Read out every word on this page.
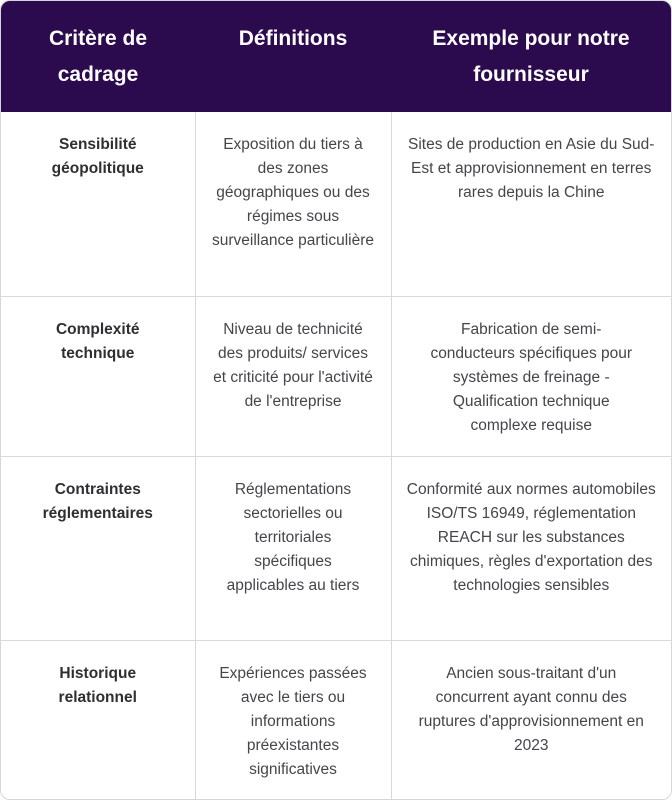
Critère de cadrage	Définitions	Exemple pour notre fournisseur
Sensibilité géopolitique	Exposition du tiers à des zones géographiques ou des régimes sous surveillance particulière	Sites de production en Asie du Sud-Est et approvisionnement en terres rares depuis la Chine
Complexité technique	Niveau de technicité des produits/ services et criticité pour l'activité de l'entreprise	Fabrication de semi-conducteurs spécifiques pour systèmes de freinage - Qualification technique complexe requise
Contraintes réglementaires	Réglementations sectorielles ou territoriales spécifiques applicables au tiers	Conformité aux normes automobiles ISO/TS 16949, réglementation REACH sur les substances chimiques, règles d'exportation des technologies sensibles
Historique relationnel	Expériences passées avec le tiers ou informations préexistantes significatives	Ancien sous-traitant d'un concurrent ayant connu des ruptures d'approvisionnement en 2023
